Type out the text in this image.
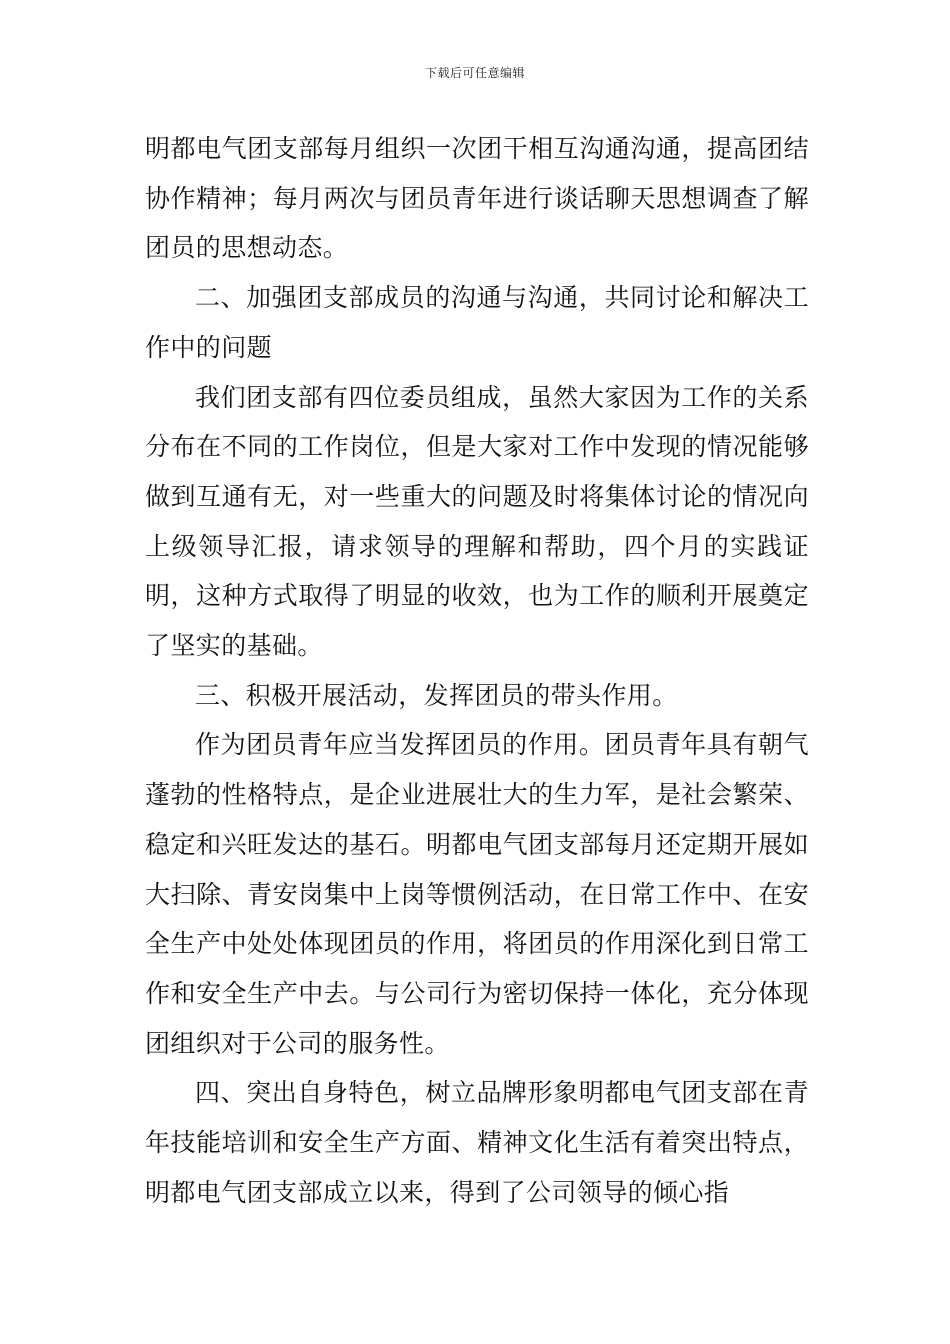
下载后可任意编辑

明都电气团支部每月组织一次团干相互沟通沟通，提高团结协作精神；每月两次与团员青年进行谈话聊天思想调查了解团员的思想动态。

二、加强团支部成员的沟通与沟通，共同讨论和解决工作中的问题

我们团支部有四位委员组成，虽然大家因为工作的关系分布在不同的工作岗位，但是大家对工作中发现的情况能够做到互通有无，对一些重大的问题及时将集体讨论的情况向上级领导汇报，请求领导的理解和帮助，四个月的实践证明，这种方式取得了明显的收效，也为工作的顺利开展奠定了坚实的基础。

三、积极开展活动，发挥团员的带头作用。

作为团员青年应当发挥团员的作用。团员青年具有朝气蓬勃的性格特点，是企业进展壮大的生力军，是社会繁荣、稳定和兴旺发达的基石。明都电气团支部每月还定期开展如大扫除、青安岗集中上岗等惯例活动，在日常工作中、在安全生产中处处体现团员的作用，将团员的作用深化到日常工作和安全生产中去。与公司行为密切保持一体化，充分体现团组织对于公司的服务性。

四、突出自身特色，树立品牌形象明都电气团支部在青年技能培训和安全生产方面、精神文化生活有着突出特点，明都电气团支部成立以来，得到了公司领导的倾心指
